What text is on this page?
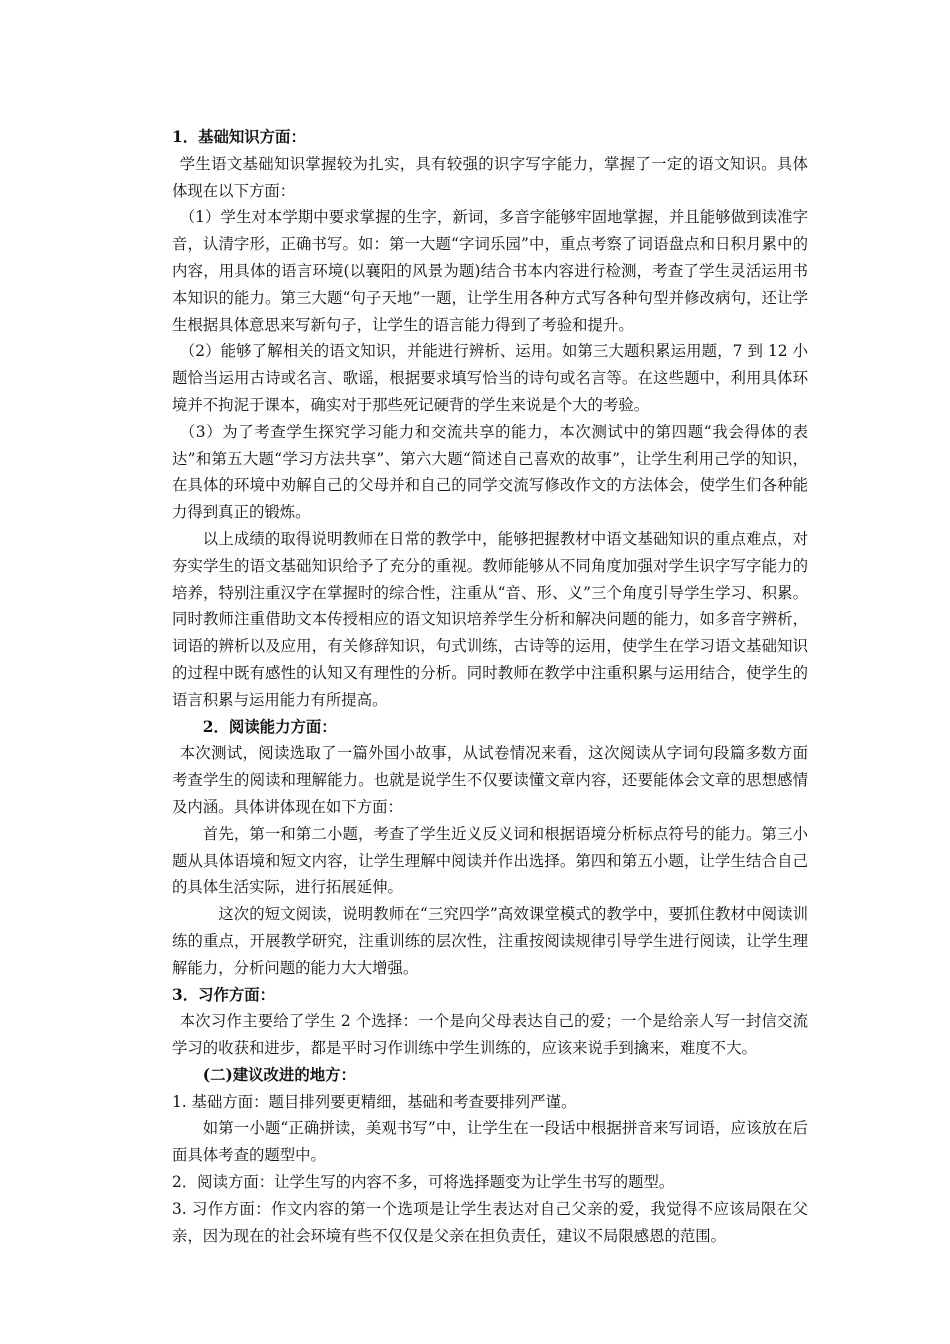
1．基础知识方面：

学生语文基础知识掌握较为扎实，具有较强的识字写字能力，掌握了一定的语文知识。具体体现在以下方面：

（1）学生对本学期中要求掌握的生字，新词，多音字能够牢固地掌握，并且能够做到读准字音，认清字形，正确书写。如：第一大题“字词乐园”中，重点考察了词语盘点和日积月累中的内容，用具体的语言环境(以襄阳的风景为题)结合书本内容进行检测，考查了学生灵活运用书本知识的能力。第三大题“句子天地”一题，让学生用各种方式写各种句型并修改病句，还让学生根据具体意思来写新句子，让学生的语言能力得到了考验和提升。

（2）能够了解相关的语文知识，并能进行辨析、运用。如第三大题积累运用题，7 到 12 小题恰当运用古诗或名言、歌谣，根据要求填写恰当的诗句或名言等。在这些题中，利用具体环境并不拘泥于课本，确实对于那些死记硬背的学生来说是个大的考验。

（3）为了考查学生探究学习能力和交流共享的能力，本次测试中的第四题“我会得体的表达”和第五大题“学习方法共享”、第六大题“简述自己喜欢的故事”，让学生利用己学的知识，在具体的环境中劝解自己的父母并和自己的同学交流写修改作文的方法体会，使学生们各种能力得到真正的锻炼。

以上成绩的取得说明教师在日常的教学中，能够把握教材中语文基础知识的重点难点，对夯实学生的语文基础知识给予了充分的重视。教师能够从不同角度加强对学生识字写字能力的培养，特别注重汉字在掌握时的综合性，注重从“音、形、义”三个角度引导学生学习、积累。同时教师注重借助文本传授相应的语文知识培养学生分析和解决问题的能力，如多音字辨析，词语的辨析以及应用，有关修辞知识，句式训练，古诗等的运用，使学生在学习语文基础知识的过程中既有感性的认知又有理性的分析。同时教师在教学中注重积累与运用结合，使学生的语言积累与运用能力有所提高。

2．阅读能力方面：

本次测试，阅读选取了一篇外国小故事，从试卷情况来看，这次阅读从字词句段篇多数方面考查学生的阅读和理解能力。也就是说学生不仅要读懂文章内容，还要能体会文章的思想感情及内涵。具体讲体现在如下方面：

首先，第一和第二小题，考查了学生近义反义词和根据语境分析标点符号的能力。第三小题从具体语境和短文内容，让学生理解中阅读并作出选择。第四和第五小题，让学生结合自己的具体生活实际，进行拓展延伸。

这次的短文阅读，说明教师在“三究四学”高效课堂模式的教学中，要抓住教材中阅读训练的重点，开展教学研究，注重训练的层次性，注重按阅读规律引导学生进行阅读，让学生理解能力，分析问题的能力大大增强。

3．习作方面：

本次习作主要给了学生 2 个选择：一个是向父母表达自己的爱；一个是给亲人写一封信交流学习的收获和进步，都是平时习作训练中学生训练的，应该来说手到擒来，难度不大。

(二)建议改进的地方：

1. 基础方面：题目排列要更精细，基础和考查要排列严谨。

如第一小题“正确拼读，美观书写”中，让学生在一段话中根据拼音来写词语，应该放在后面具体考查的题型中。

2．阅读方面：让学生写的内容不多，可将选择题变为让学生书写的题型。

3. 习作方面：作文内容的第一个选项是让学生表达对自己父亲的爱，我觉得不应该局限在父亲，因为现在的社会环境有些不仅仅是父亲在担负责任，建议不局限感恩的范围。
